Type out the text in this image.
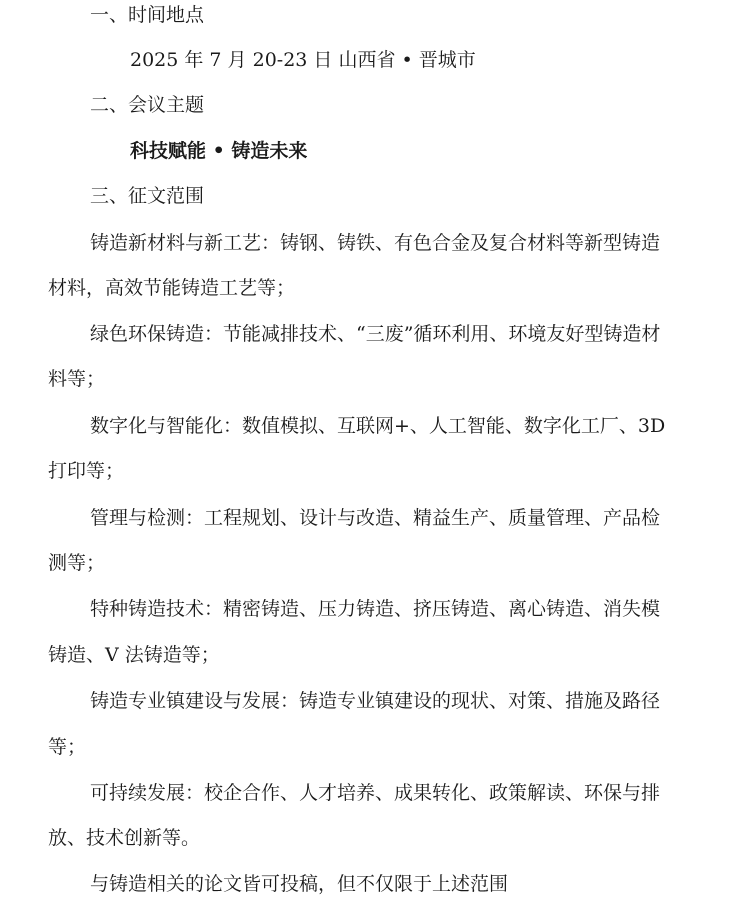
一、时间地点
2025 年 7 月 20-23 日 山西省 • 晋城市
二、会议主题
科技赋能 • 铸造未来
三、征文范围
铸造新材料与新工艺：铸钢、铸铁、有色合金及复合材料等新型铸造
材料，高效节能铸造工艺等；
绿色环保铸造：节能减排技术、“三废”循环利用、环境友好型铸造材
料等；
数字化与智能化：数值模拟、互联网+、人工智能、数字化工厂、3D
打印等；
管理与检测：工程规划、设计与改造、精益生产、质量管理、产品检
测等；
特种铸造技术：精密铸造、压力铸造、挤压铸造、离心铸造、消失模
铸造、V 法铸造等；
铸造专业镇建设与发展：铸造专业镇建设的现状、对策、措施及路径
等；
可持续发展：校企合作、人才培养、成果转化、政策解读、环保与排
放、技术创新等。
与铸造相关的论文皆可投稿，但不仅限于上述范围
